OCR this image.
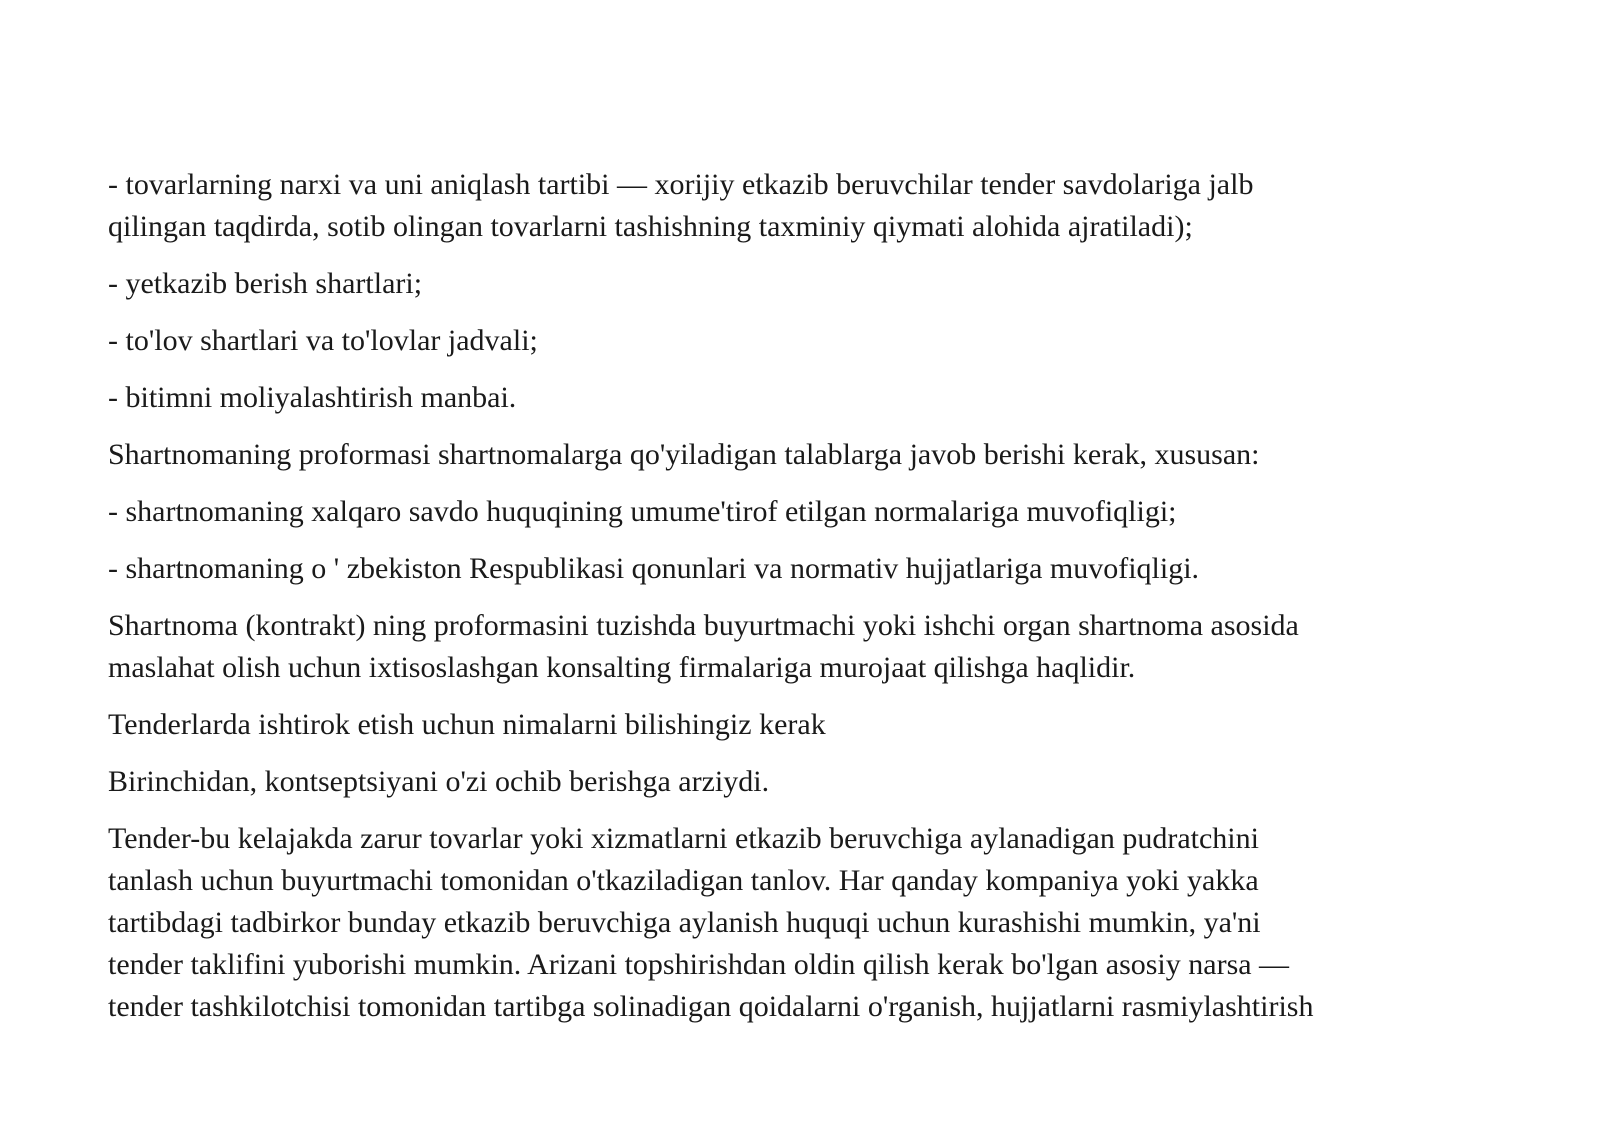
- tovarlarning narxi va uni aniqlash tartibi — xorijiy etkazib beruvchilar tender savdolariga jalb
qilingan taqdirda, sotib olingan tovarlarni tashishning taxminiy qiymati alohida ajratiladi);

- yetkazib berish shartlari;

- to'lov shartlari va to'lovlar jadvali;

- bitimni moliyalashtirish manbai.

Shartnomaning proformasi shartnomalarga qo'yiladigan talablarga javob berishi kerak, xususan:

- shartnomaning xalqaro savdo huquqining umume'tirof etilgan normalariga muvofiqligi;

- shartnomaning o ' zbekiston Respublikasi qonunlari va normativ hujjatlariga muvofiqligi.

Shartnoma (kontrakt) ning proformasini tuzishda buyurtmachi yoki ishchi organ shartnoma asosida
maslahat olish uchun ixtisoslashgan konsalting firmalariga murojaat qilishga haqlidir.

Tenderlarda ishtirok etish uchun nimalarni bilishingiz kerak

Birinchidan, kontseptsiyani o'zi ochib berishga arziydi.

Tender-bu kelajakda zarur tovarlar yoki xizmatlarni etkazib beruvchiga aylanadigan pudratchini
tanlash uchun buyurtmachi tomonidan o'tkaziladigan tanlov. Har qanday kompaniya yoki yakka
tartibdagi tadbirkor bunday etkazib beruvchiga aylanish huquqi uchun kurashishi mumkin, ya'ni
tender taklifini yuborishi mumkin. Arizani topshirishdan oldin qilish kerak bo'lgan asosiy narsa —
tender tashkilotchisi tomonidan tartibga solinadigan qoidalarni o'rganish, hujjatlarni rasmiylashtirish
